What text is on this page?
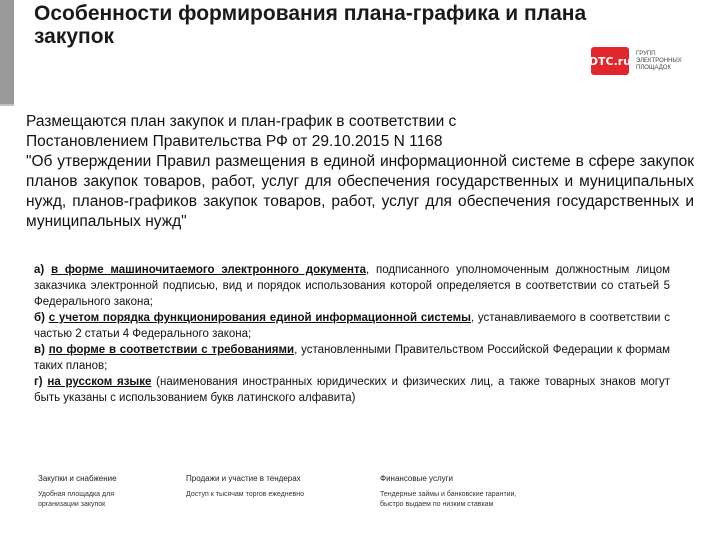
Особенности формирования плана-графика и плана закупок
DTC.ru
ГРУПП
ЭЛЕКТРОННЫХ
ПЛОЩАДОК
Размещаются план закупок и план-график в соответствии с
Постановлением Правительства РФ от 29.10.2015 N 1168
"Об утверждении Правил размещения в единой информационной системе в сфере закупок планов закупок товаров, работ, услуг для обеспечения государственных и муниципальных нужд, планов-графиков закупок товаров, работ, услуг для обеспечения государственных и муниципальных нужд"

а) в форме машиночитаемого электронного документа, подписанного уполномоченным должностным лицом заказчика электронной подписью, вид и порядок использования которой определяется в соответствии со статьей 5 Федерального закона;

б) с учетом порядка функционирования единой информационной системы, устанавливаемого в соответствии с частью 2 статьи 4 Федерального закона;

в) по форме в соответствии с требованиями, установленными Правительством Российской Федерации к формам таких планов;

г) на русском языке (наименования иностранных юридических и физических лиц, а также товарных знаков могут быть указаны с использованием букв латинского алфавита)

Закупки и снабжение
Удобная площадка для
организации закупок
Продажи и участие в тендерах
Доступ к тысячам торгов ежедневно
Финансовые услуги
Тендерные займы и банковские гарантии,
быстро выдаем по низким ставкам
